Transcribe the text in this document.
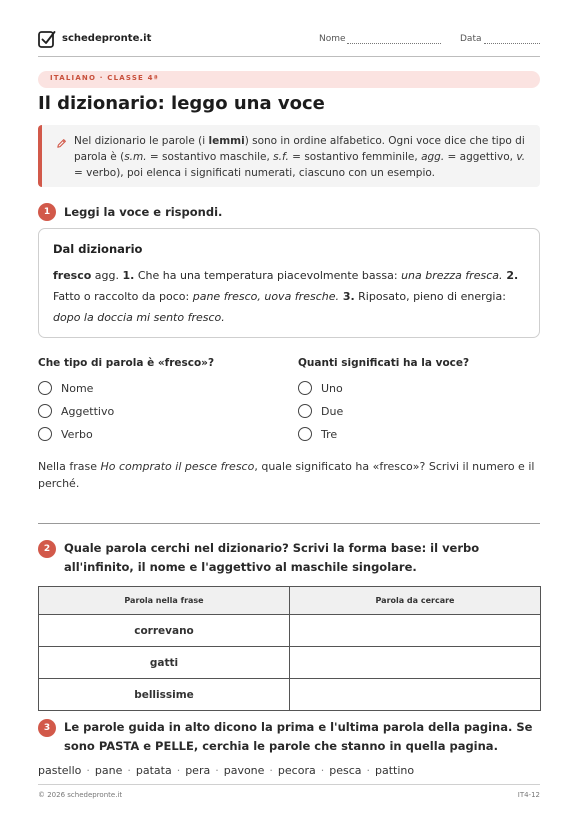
schedepronte.it	Nome	Data
ITALIANO · CLASSE 4ª
Il dizionario: leggo una voce

Nel dizionario le parole (i lemmi) sono in ordine alfabetico. Ogni voce dice che tipo di parola è (s.m. = sostantivo maschile, s.f. = sostantivo femminile, agg. = aggettivo, v. = verbo), poi elenca i significati numerati, ciascuno con un esempio.

1	Leggi la voce e rispondi.

Dal dizionario

fresco agg. 1. Che ha una temperatura piacevolmente bassa: una brezza fresca. 2. Fatto o raccolto da poco: pane fresco, uova fresche. 3. Riposato, pieno di energia: dopo la doccia mi sento fresco.

Che tipo di parola è «fresco»?
Nome
Aggettivo
Verbo
Quanti significati ha la voce?
Uno
Due
Tre

Nella frase Ho comprato il pesce fresco, quale significato ha «fresco»? Scrivi il numero e il perché.

2	Quale parola cerchi nel dizionario? Scrivi la forma base: il verbo all'infinito, il nome e l'aggettivo al maschile singolare.

Parola nella frase	Parola da cercare
correvano	
gatti	
bellissime	
3	Le parole guida in alto dicono la prima e l'ultima parola della pagina. Se sono PASTA e PELLE, cerchia le parole che stanno in quella pagina.

pastello · pane · patata · pera · pavone · pecora · pesca · pattino
© 2026 schedepronte.it	IT4-12
